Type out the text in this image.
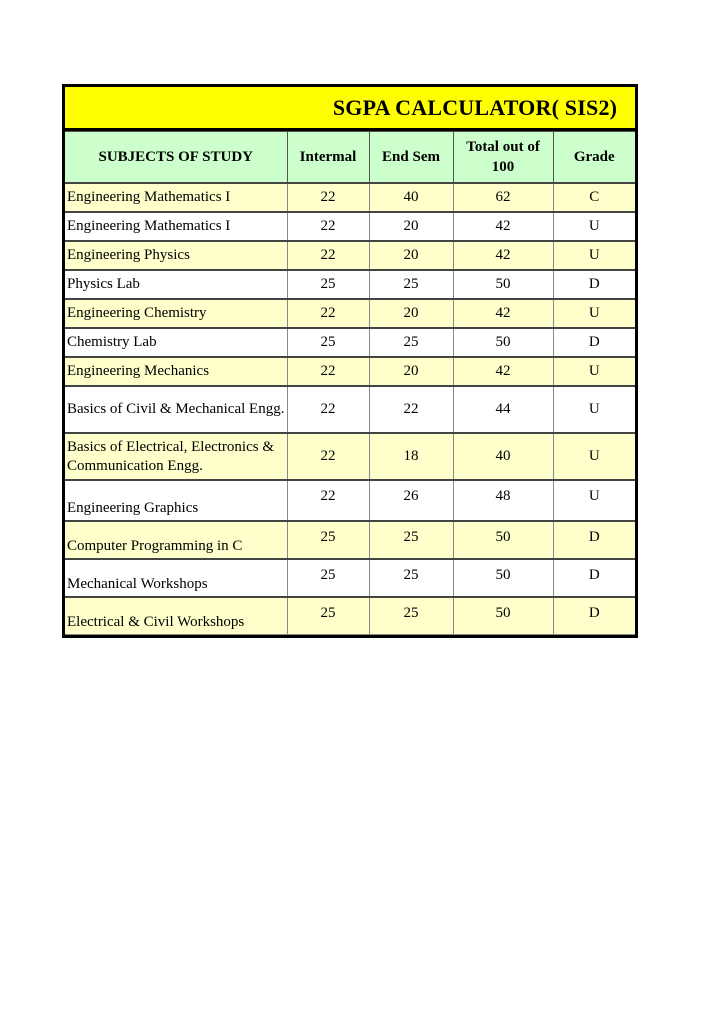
SGPA CALCULATOR( SIS2)
SUBJECTS OF STUDY	Intermal	End Sem	Total out of 100	Grade
Engineering Mathematics I	22	40	62	C
Engineering Mathematics I	22	20	42	U
Engineering Physics	22	20	42	U
Physics Lab	25	25	50	D
Engineering Chemistry	22	20	42	U
Chemistry Lab	25	25	50	D
Engineering Mechanics	22	20	42	U
Basics of Civil & Mechanical Engg.	22	22	44	U
Basics of Electrical, Electronics & Communication Engg.	22	18	40	U
Engineering Graphics	22	26	48	U
Computer Programming in C	25	25	50	D
Mechanical Workshops	25	25	50	D
Electrical & Civil Workshops	25	25	50	D
